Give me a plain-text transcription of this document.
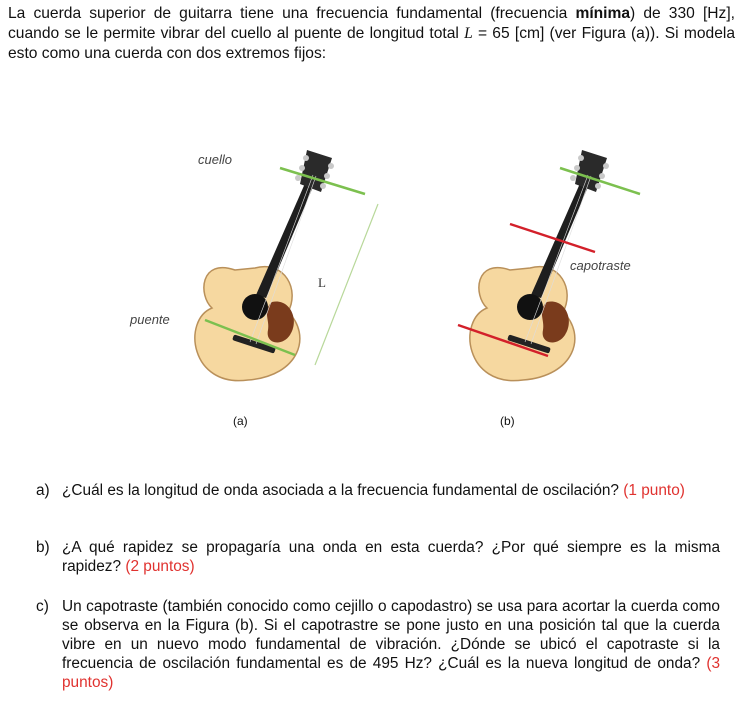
La cuerda superior de guitarra tiene una frecuencia fundamental (frecuencia mínima) de 330 [Hz], cuando se le permite vibrar del cuello al puente de longitud total L = 65 [cm] (ver Figura (a)). Si modela esto como una cuerda con dos extremos fijos:
cuello
puente
L
capotraste
(a)	(b)
a) ¿Cuál es la longitud de onda asociada a la frecuencia fundamental de oscilación? (1 punto)
b) ¿A qué rapidez se propagaría una onda en esta cuerda? ¿Por qué siempre es la misma rapidez? (2 puntos)
c) Un capotraste (también conocido como cejillo o capodastro) se usa para acortar la cuerda como se observa en la Figura (b). Si el capotrastre se pone justo en una posición tal que la cuerda vibre en un nuevo modo fundamental de vibración. ¿Dónde se ubicó el capotraste si la frecuencia de oscilación fundamental es de 495 Hz? ¿Cuál es la nueva longitud de onda? (3 puntos)
